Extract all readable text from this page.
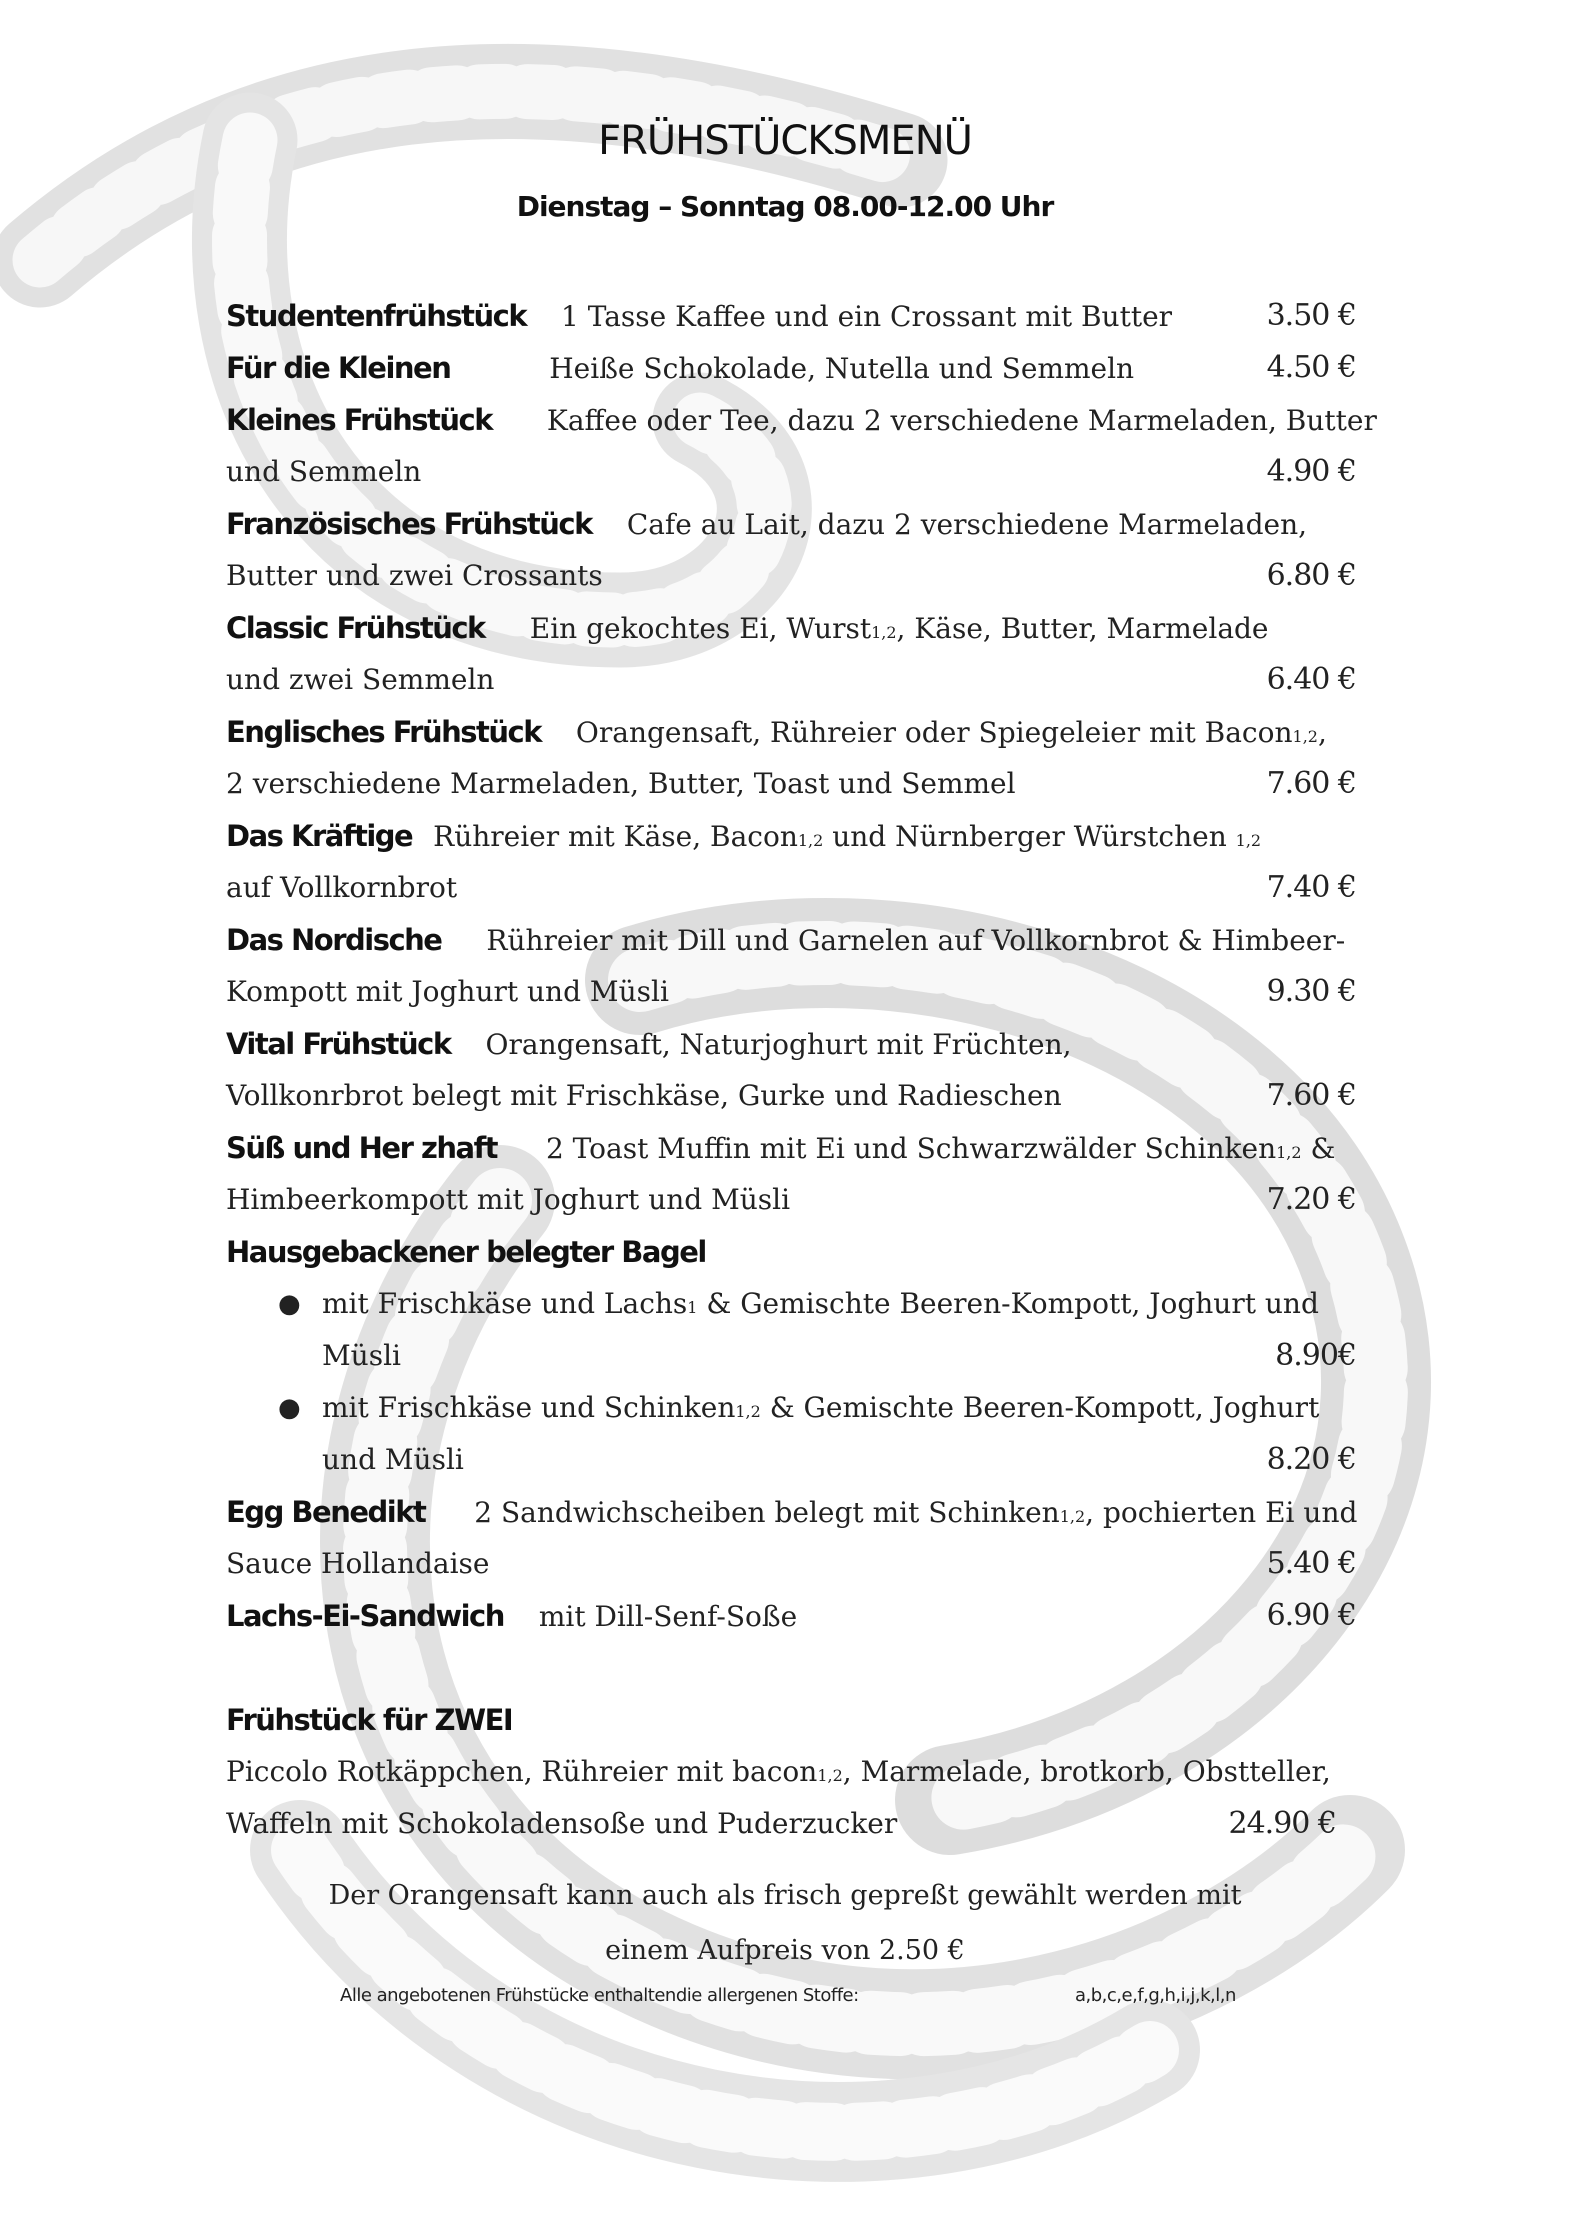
FRÜHSTÜCKSMENÜ
Dienstag – Sonntag 08.00-12.00 Uhr
Studentenfrühstück 1 Tasse Kaffee und ein Crossant mit Butter	3.50 €
Für die Kleinen	Heiße Schokolade, Nutella und Semmeln	4.50 €
Kleines Frühstück Kaffee oder Tee, dazu 2 verschiedene Marmeladen, Butter
und Semmeln	4.90 €
Französisches Frühstück Cafe au Lait, dazu 2 verschiedene Marmeladen,
Butter und zwei Crossants	6.80 €
Classic Frühstück Ein gekochtes Ei, Wurst1,2, Käse, Butter, Marmelade
und zwei Semmeln	6.40 €
Englisches Frühstück Orangensaft, Rühreier oder Spiegeleier mit Bacon1,2,
2 verschiedene Marmeladen, Butter, Toast und Semmel	7.60 €
Das Kräftige Rühreier mit Käse, Bacon1,2 und Nürnberger Würstchen 1,2
auf Vollkornbrot	7.40 €
Das Nordische Rühreier mit Dill und Garnelen auf Vollkornbrot & Himbeer-
Kompott mit Joghurt und Müsli	9.30 €
Vital Frühstück Orangensaft, Naturjoghurt mit Früchten,
Vollkonrbrot belegt mit Frischkäse, Gurke und Radieschen	7.60 €
Süß und Her zhaft 2 Toast Muffin mit Ei und Schwarzwälder Schinken1,2 &
Himbeerkompott mit Joghurt und Müsli	7.20 €
Hausgebackener belegter Bagel
● mit Frischkäse und Lachs1 & Gemischte Beeren-Kompott, Joghurt und
Müsli	8.90€
● mit Frischkäse und Schinken1,2 & Gemischte Beeren-Kompott, Joghurt
und Müsli	8.20 €
Egg Benedikt 2 Sandwichscheiben belegt mit Schinken1,2, pochierten Ei und
Sauce Hollandaise	5.40 €
Lachs-Ei-Sandwich mit Dill-Senf-Soße	6.90 €
Frühstück für ZWEI
Piccolo Rotkäppchen, Rühreier mit bacon1,2, Marmelade, brotkorb, Obstteller,
Waffeln mit Schokoladensoße und Puderzucker	24.90 €
Der Orangensaft kann auch als frisch gepreßt gewählt werden mit
einem Aufpreis von 2.50 €
Alle angebotenen Frühstücke enthaltendie allergenen Stoffe:	a,b,c,e,f,g,h,i,j,k,l,n
